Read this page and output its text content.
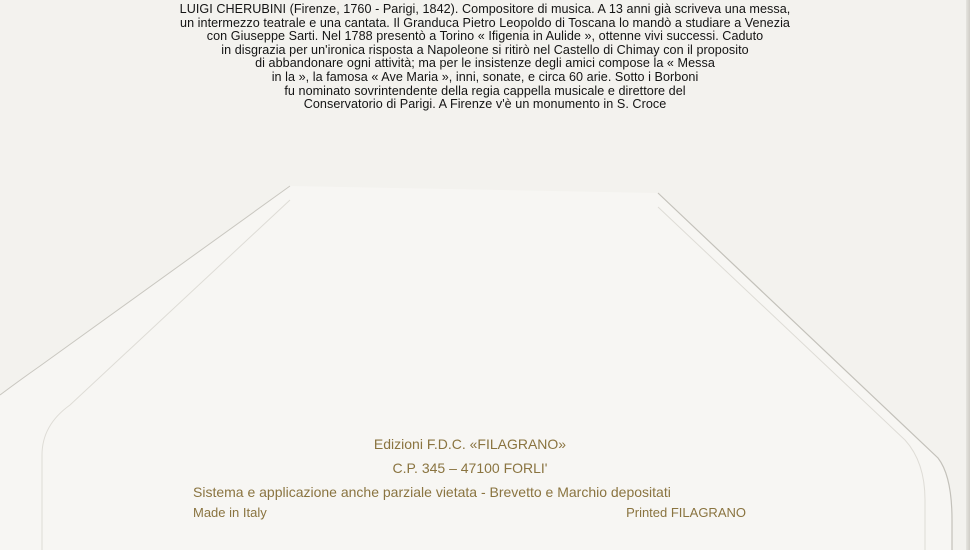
LUIGI CHERUBINI (Firenze, 1760 - Parigi, 1842). Compositore di musica. A 13 anni già scriveva una messa,
un intermezzo teatrale e una cantata. Il Granduca Pietro Leopoldo di Toscana lo mandò a studiare a Venezia
con Giuseppe Sarti. Nel 1788 presentò a Torino « Ifigenia in Aulide », ottenne vivi successi. Caduto
in disgrazia per un'ironica risposta a Napoleone si ritirò nel Castello di Chimay con il proposito
di abbandonare ogni attività; ma per le insistenze degli amici compose la « Messa
in la », la famosa « Ave Maria », inni, sonate, e circa 60 arie. Sotto i Borboni
fu nominato sovrintendente della regia cappella musicale e direttore del
Conservatorio di Parigi. A Firenze v'è un monumento in S. Croce
Edizioni F.D.C. «FILAGRANO»
C.P. 345 – 47100 FORLI'
Sistema e applicazione anche parziale vietata - Brevetto e Marchio depositati
Made in Italy	Printed FILAGRANO
